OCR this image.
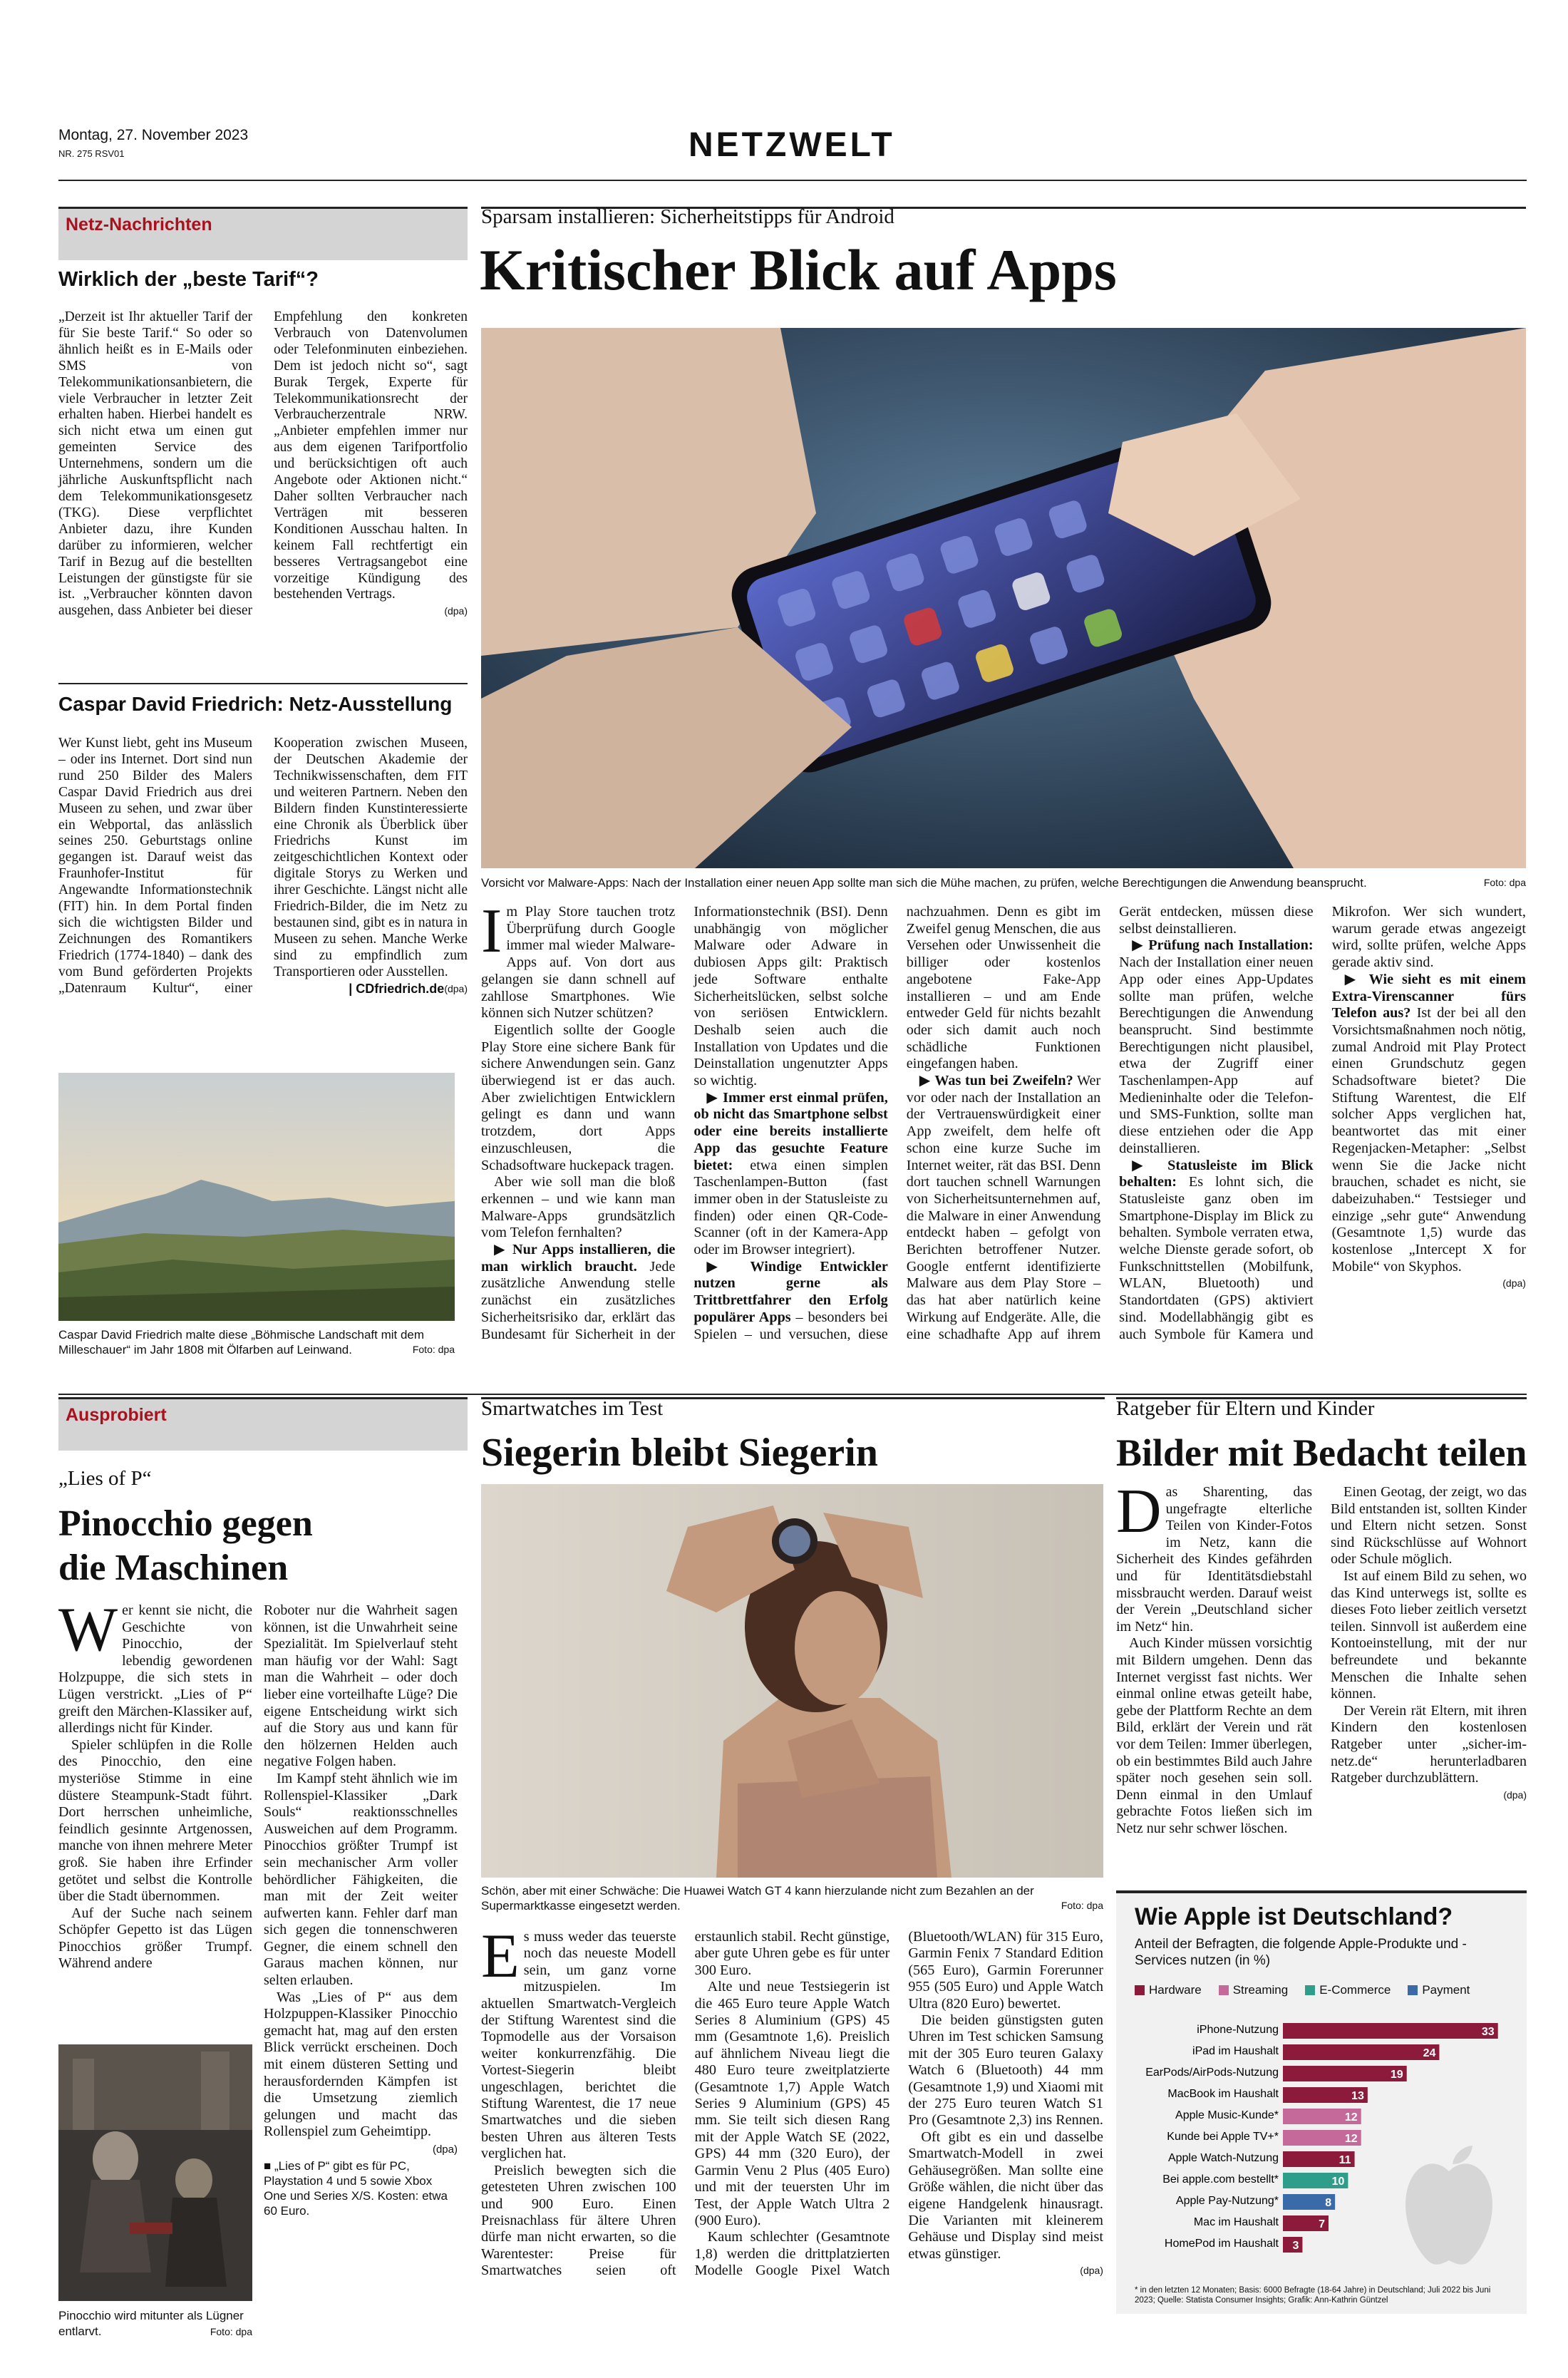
Montag, 27. November 2023
NR. 275 RSV01	NETZWELT
Netz-Nachrichten
Wirklich der „beste Tarif“?

„Derzeit ist Ihr aktueller Tarif der für Sie beste Tarif.“ So oder so ähnlich heißt es in E-Mails oder SMS von Telekommunikationsanbietern, die viele Verbraucher in letzter Zeit erhalten haben. Hierbei handelt es sich nicht etwa um einen gut gemeinten Service des Unternehmens, sondern um die jährliche Auskunftspflicht nach dem Telekommunikationsgesetz (TKG). Diese verpflichtet Anbieter dazu, ihre Kunden darüber zu informieren, welcher Tarif in Bezug auf die bestellten Leistungen der günstigste für sie ist. „Verbraucher könnten davon ausgehen, dass Anbieter bei dieser Empfehlung den konkreten Verbrauch von Datenvolumen oder Telefonminuten einbeziehen. Dem ist jedoch nicht so“, sagt Burak Tergek, Experte für Telekommunikationsrecht der Verbraucherzentrale NRW. „Anbieter empfehlen immer nur aus dem eigenen Tarifportfolio und berücksichtigen oft auch Angebote oder Aktionen nicht.“ Daher sollten Verbraucher nach Verträgen mit besseren Konditionen Ausschau halten. In keinem Fall rechtfertigt ein besseres Vertragsangebot eine vorzeitige Kündigung des bestehenden Vertrags.

(dpa)
Caspar David Friedrich: Netz-Ausstellung

Wer Kunst liebt, geht ins Museum – oder ins Internet. Dort sind nun rund 250 Bilder des Malers Caspar David Friedrich aus drei Museen zu sehen, und zwar über ein Webportal, das anlässlich seines 250. Geburtstags online gegangen ist. Darauf weist das Fraunhofer-Institut für Angewandte Informationstechnik (FIT) hin. In dem Portal finden sich die wichtigsten Bilder und Zeichnungen des Romantikers Friedrich (1774-1840) – dank des vom Bund geförderten Projekts „Datenraum Kultur“, einer Kooperation zwischen Museen, der Deutschen Akademie der Technikwissenschaften, dem FIT und weiteren Partnern. Neben den Bildern finden Kunstinteressierte eine Chronik als Überblick über Friedrichs Kunst im zeitgeschichtlichen Kontext oder digitale Storys zu Werken und ihrer Geschichte. Längst nicht alle Friedrich-Bilder, die im Netz zu bestaunen sind, gibt es in natura in Museen zu sehen. Manche Werke sind zu empfindlich zum Transportieren oder Ausstellen.

(dpa)
| CDfriedrich.de
Caspar David Friedrich malte diese „Böhmische Landschaft mit dem Milleschauer“ im Jahr 1808 mit Ölfarben auf Leinwand.	Foto: dpa
Sparsam installieren: Sicherheitstipps für Android
Kritischer Blick auf Apps
Vorsicht vor Malware-Apps: Nach der Installation einer neuen App sollte man sich die Mühe machen, zu prüfen, welche Berechtigungen die Anwendung beansprucht.	Foto: dpa

Im Play Store tauchen trotz Überprüfung durch Google immer mal wieder Malware-Apps auf. Von dort aus gelangen sie dann schnell auf zahllose Smartphones. Wie können sich Nutzer schützen?

Eigentlich sollte der Google Play Store eine sichere Bank für sichere Anwendungen sein. Ganz überwiegend ist er das auch. Aber zwielichtigen Entwicklern gelingt es dann und wann trotzdem, dort Apps einzuschleusen, die Schadsoftware huckepack tragen.

Aber wie soll man die bloß erkennen – und wie kann man Malware-Apps grundsätzlich vom Telefon fernhalten?

▶ Nur Apps installieren, die man wirklich braucht. Jede zusätzliche Anwendung stelle zunächst ein zusätzliches Sicherheitsrisiko dar, erklärt das Bundesamt für Sicherheit in der Informationstechnik (BSI). Denn unabhängig von möglicher Malware oder Adware in dubiosen Apps gilt: Praktisch jede Software enthalte Sicherheitslücken, selbst solche von seriösen Entwicklern. Deshalb seien auch die Installation von Updates und die Deinstallation ungenutzter Apps so wichtig.

▶ Immer erst einmal prüfen, ob nicht das Smartphone selbst oder eine bereits installierte App das gesuchte Feature bietet: etwa einen simplen Taschenlampen-Button (fast immer oben in der Statusleiste zu finden) oder einen QR-Code-Scanner (oft in der Kamera-App oder im Browser integriert).

▶ Windige Entwickler nutzen gerne als Trittbrettfahrer den Erfolg populärer Apps – besonders bei Spielen – und versuchen, diese nachzuahmen. Denn es gibt im Zweifel genug Menschen, die aus Versehen oder Unwissenheit die billiger oder kostenlos angebotene Fake-App installieren – und am Ende entweder Geld für nichts bezahlt oder sich damit auch noch schädliche Funktionen eingefangen haben.

▶ Was tun bei Zweifeln? Wer vor oder nach der Installation an der Vertrauenswürdigkeit einer App zweifelt, dem helfe oft schon eine kurze Suche im Internet weiter, rät das BSI. Denn dort tauchen schnell Warnungen von Sicherheitsunternehmen auf, die Malware in einer Anwendung entdeckt haben – gefolgt von Berichten betroffener Nutzer. Google entfernt identifizierte Malware aus dem Play Store – das hat aber natürlich keine Wirkung auf Endgeräte. Alle, die eine schadhafte App auf ihrem Gerät entdecken, müssen diese selbst deinstallieren.

▶ Prüfung nach Installation: Nach der Installation einer neuen App oder eines App-Updates sollte man prüfen, welche Berechtigungen die Anwendung beansprucht. Sind bestimmte Berechtigungen nicht plausibel, etwa der Zugriff einer Taschenlampen-App auf Medieninhalte oder die Telefon- und SMS-Funktion, sollte man diese entziehen oder die App deinstallieren.

▶ Statusleiste im Blick behalten: Es lohnt sich, die Statusleiste ganz oben im Smartphone-Display im Blick zu behalten. Symbole verraten etwa, welche Dienste gerade sofort, ob Funkschnittstellen (Mobilfunk, WLAN, Bluetooth) und Standortdaten (GPS) aktiviert sind. Modellabhängig gibt es auch Symbole für Kamera und Mikrofon. Wer sich wundert, warum gerade etwas angezeigt wird, sollte prüfen, welche Apps gerade aktiv sind.

▶ Wie sieht es mit einem Extra-Virenscanner fürs Telefon aus? Ist der bei all den Vorsichtsmaßnahmen noch nötig, zumal Android mit Play Protect einen Grundschutz gegen Schadsoftware bietet? Die Stiftung Warentest, die Elf solcher Apps verglichen hat, beantwortet das mit einer Regenjacken-Metapher: „Selbst wenn Sie die Jacke nicht brauchen, schadet es nicht, sie dabeizuhaben.“ Testsieger und einzige „sehr gute“ Anwendung (Gesamtnote 1,5) wurde das kostenlose „Intercept X for Mobile“ von Skyphos.

(dpa)
Ausprobiert
„Lies of P“
Pinocchio gegen
die Maschinen

Wer kennt sie nicht, die Geschichte von Pinocchio, der lebendig gewordenen Holzpuppe, die sich stets in Lügen verstrickt. „Lies of P“ greift den Märchen-Klassiker auf, allerdings nicht für Kinder.

Spieler schlüpfen in die Rolle des Pinocchio, den eine mysteriöse Stimme in eine düstere Steampunk-Stadt führt. Dort herrschen unheimliche, feindlich gesinnte Artgenossen, manche von ihnen mehrere Meter groß. Sie haben ihre Erfinder getötet und selbst die Kontrolle über die Stadt übernommen.

Auf der Suche nach seinem Schöpfer Gepetto ist das Lügen Pinocchios größer Trumpf. Während andere

Pinocchio wird mitunter als Lügner entlarvt.	Foto: dpa

Roboter nur die Wahrheit sagen können, ist die Unwahrheit seine Spezialität. Im Spielverlauf steht man häufig vor der Wahl: Sagt man die Wahrheit – oder doch lieber eine vorteilhafte Lüge? Die eigene Entscheidung wirkt sich auf die Story aus und kann für den hölzernen Helden auch negative Folgen haben.

Im Kampf steht ähnlich wie im Rollenspiel-Klassiker „Dark Souls“ reaktionsschnelles Ausweichen auf dem Programm. Pinocchios größter Trumpf ist sein mechanischer Arm voller behördlicher Fähigkeiten, die man mit der Zeit weiter aufwerten kann. Fehler darf man sich gegen die tonnenschweren Gegner, die einem schnell den Garaus machen können, nur selten erlauben.

Was „Lies of P“ aus dem Holzpuppen-Klassiker Pinocchio gemacht hat, mag auf den ersten Blick verrückt erscheinen. Doch mit einem düsteren Setting und herausfordernden Kämpfen ist die Umsetzung ziemlich gelungen und macht das Rollenspiel zum Geheimtipp.

(dpa)
■ „Lies of P“ gibt es für PC, Playstation 4 und 5 sowie Xbox One und Series X/S. Kosten: etwa 60 Euro.
Smartwatches im Test
Siegerin bleibt Siegerin
Schön, aber mit einer Schwäche: Die Huawei Watch GT 4 kann hierzulande nicht zum Bezahlen an der Supermarktkasse eingesetzt werden.	Foto: dpa

Es muss weder das teuerste noch das neueste Modell sein, um ganz vorne mitzuspielen. Im aktuellen Smartwatch-Vergleich der Stiftung Warentest sind die Topmodelle aus der Vorsaison weiter konkurrenzfähig. Die Vortest-Siegerin bleibt ungeschlagen, berichtet die Stiftung Warentest, die 17 neue Smartwatches und die sieben besten Uhren aus älteren Tests verglichen hat.

Preislich bewegten sich die getesteten Uhren zwischen 100 und 900 Euro. Einen Preisnachlass für ältere Uhren dürfe man nicht erwarten, so die Warentester: Preise für Smartwatches seien oft erstaunlich stabil. Recht günstige, aber gute Uhren gebe es für unter 300 Euro.

Alte und neue Testsiegerin ist die 465 Euro teure Apple Watch Series 8 Aluminium (GPS) 45 mm (Gesamtnote 1,6). Preislich auf ähnlichem Niveau liegt die 480 Euro teure zweitplatzierte (Gesamtnote 1,7) Apple Watch Series 9 Aluminium (GPS) 45 mm. Sie teilt sich diesen Rang mit der Apple Watch SE (2022, GPS) 44 mm (320 Euro), der Garmin Venu 2 Plus (405 Euro) und mit der teuersten Uhr im Test, der Apple Watch Ultra 2 (900 Euro).

Kaum schlechter (Gesamtnote 1,8) werden die drittplatzierten Modelle Google Pixel Watch (Bluetooth/WLAN) für 315 Euro, Garmin Fenix 7 Standard Edition (565 Euro), Garmin Forerunner 955 (505 Euro) und Apple Watch Ultra (820 Euro) bewertet.

Die beiden günstigsten guten Uhren im Test schicken Samsung mit der 305 Euro teuren Galaxy Watch 6 (Bluetooth) 44 mm (Gesamtnote 1,9) und Xiaomi mit der 275 Euro teuren Watch S1 Pro (Gesamtnote 2,3) ins Rennen.

Oft gibt es ein und dasselbe Smartwatch-Modell in zwei Gehäusegrößen. Man sollte eine Größe wählen, die nicht über das eigene Handgelenk hinausragt. Die Varianten mit kleinerem Gehäuse und Display sind meist etwas günstiger.

(dpa)
Ratgeber für Eltern und Kinder
Bilder mit Bedacht teilen

Das Sharenting, das ungefragte elterliche Teilen von Kinder-Fotos im Netz, kann die Sicherheit des Kindes gefährden und für Identitätsdiebstahl missbraucht werden. Darauf weist der Verein „Deutschland sicher im Netz“ hin.

Auch Kinder müssen vorsichtig mit Bildern umgehen. Denn das Internet vergisst fast nichts. Wer einmal online etwas geteilt habe, gebe der Plattform Rechte an dem Bild, erklärt der Verein und rät vor dem Teilen: Immer überlegen, ob ein bestimmtes Bild auch Jahre später noch gesehen sein soll. Denn einmal in den Umlauf gebrachte Fotos ließen sich im Netz nur sehr schwer löschen.

Einen Geotag, der zeigt, wo das Bild entstanden ist, sollten Kinder und Eltern nicht setzen. Sonst sind Rückschlüsse auf Wohnort oder Schule möglich.

Ist auf einem Bild zu sehen, wo das Kind unterwegs ist, sollte es dieses Foto lieber zeitlich versetzt teilen. Sinnvoll ist außerdem eine Kontoeinstellung, mit der nur befreundete und bekannte Menschen die Inhalte sehen können.

Der Verein rät Eltern, mit ihren Kindern den kostenlosen Ratgeber unter „sicher-im-netz.de“ herunterladbaren Ratgeber durchzublättern.

(dpa)
Wie Apple ist Deutschland?
Anteil der Befragten, die folgende Apple-Produkte und -Services nutzen (in %)
Hardware
	Streaming
	E-Commerce
	Payment
iPhone-Nutzung	33
iPad im Haushalt	24
EarPods/AirPods-Nutzung	19
MacBook im Haushalt	13
Apple Music-Kunde*	12
Kunde bei Apple TV+*	12
Apple Watch-Nutzung	11
Bei apple.com bestellt*	10
Apple Pay-Nutzung*	8
Mac im Haushalt	7
HomePod im Haushalt 3
* in den letzten 12 Monaten; Basis: 6000 Befragte (18-64 Jahre) in Deutschland; Juli 2022 bis Juni 2023; Quelle: Statista Consumer Insights; Grafik: Ann-Kathrin Güntzel
